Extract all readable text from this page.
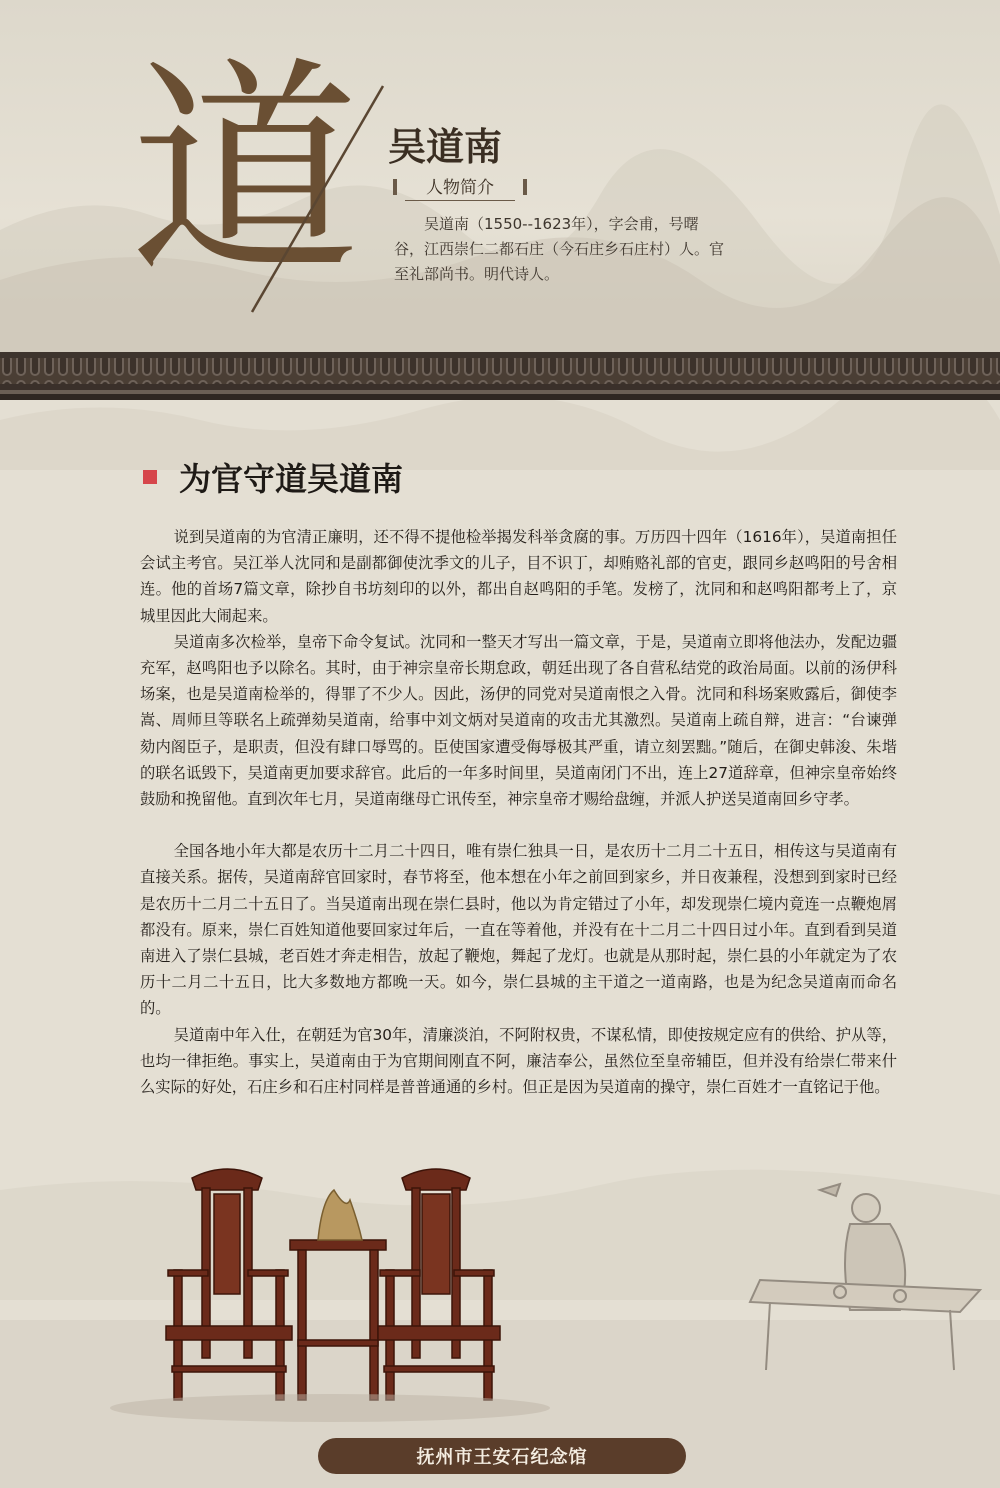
道 吴道南
人物简介
吴道南（1550--1623年），字会甫，号曙谷，江西崇仁二都石庄（今石庄乡石庄村）人。官至礼部尚书。明代诗人。
为官守道吴道南

说到吴道南的为官清正廉明，还不得不提他检举揭发科举贪腐的事。万历四十四年（1616年），吴道南担任会试主考官。吴江举人沈同和是副都御使沈季文的儿子，目不识丁，却贿赂礼部的官吏，跟同乡赵鸣阳的号舍相连。他的首场7篇文章，除抄自书坊刻印的以外，都出自赵鸣阳的手笔。发榜了，沈同和和赵鸣阳都考上了，京城里因此大闹起来。

吴道南多次检举，皇帝下命令复试。沈同和一整天才写出一篇文章，于是，吴道南立即将他法办，发配边疆充军，赵鸣阳也予以除名。其时，由于神宗皇帝长期怠政，朝廷出现了各自营私结党的政治局面。以前的汤伊科场案，也是吴道南检举的，得罪了不少人。因此，汤伊的同党对吴道南恨之入骨。沈同和科场案败露后，御使李嵩、周师旦等联名上疏弹劾吴道南，给事中刘文炳对吴道南的攻击尤其激烈。吴道南上疏自辩，进言：“台谏弹劾内阁臣子，是职责，但没有肆口辱骂的。臣使国家遭受侮辱极其严重，请立刻罢黜。”随后，在御史韩浚、朱堦的联名诋毁下，吴道南更加要求辞官。此后的一年多时间里，吴道南闭门不出，连上27道辞章，但神宗皇帝始终鼓励和挽留他。直到次年七月，吴道南继母亡讯传至，神宗皇帝才赐给盘缠，并派人护送吴道南回乡守孝。

全国各地小年大都是农历十二月二十四日，唯有崇仁独具一日，是农历十二月二十五日，相传这与吴道南有直接关系。据传，吴道南辞官回家时，春节将至，他本想在小年之前回到家乡，并日夜兼程，没想到到家时已经是农历十二月二十五日了。当吴道南出现在崇仁县时，他以为肯定错过了小年，却发现崇仁境内竟连一点鞭炮屑都没有。原来，崇仁百姓知道他要回家过年后，一直在等着他，并没有在十二月二十四日过小年。直到看到吴道南进入了崇仁县城，老百姓才奔走相告，放起了鞭炮，舞起了龙灯。也就是从那时起，崇仁县的小年就定为了农历十二月二十五日，比大多数地方都晚一天。如今，崇仁县城的主干道之一道南路，也是为纪念吴道南而命名的。

吴道南中年入仕，在朝廷为官30年，清廉淡泊，不阿附权贵，不谋私情，即使按规定应有的供给、护从等，也均一律拒绝。事实上，吴道南由于为官期间刚直不阿，廉洁奉公，虽然位至皇帝辅臣，但并没有给崇仁带来什么实际的好处，石庄乡和石庄村同样是普普通通的乡村。但正是因为吴道南的操守，崇仁百姓才一直铭记于他。

抚州市王安石纪念馆
